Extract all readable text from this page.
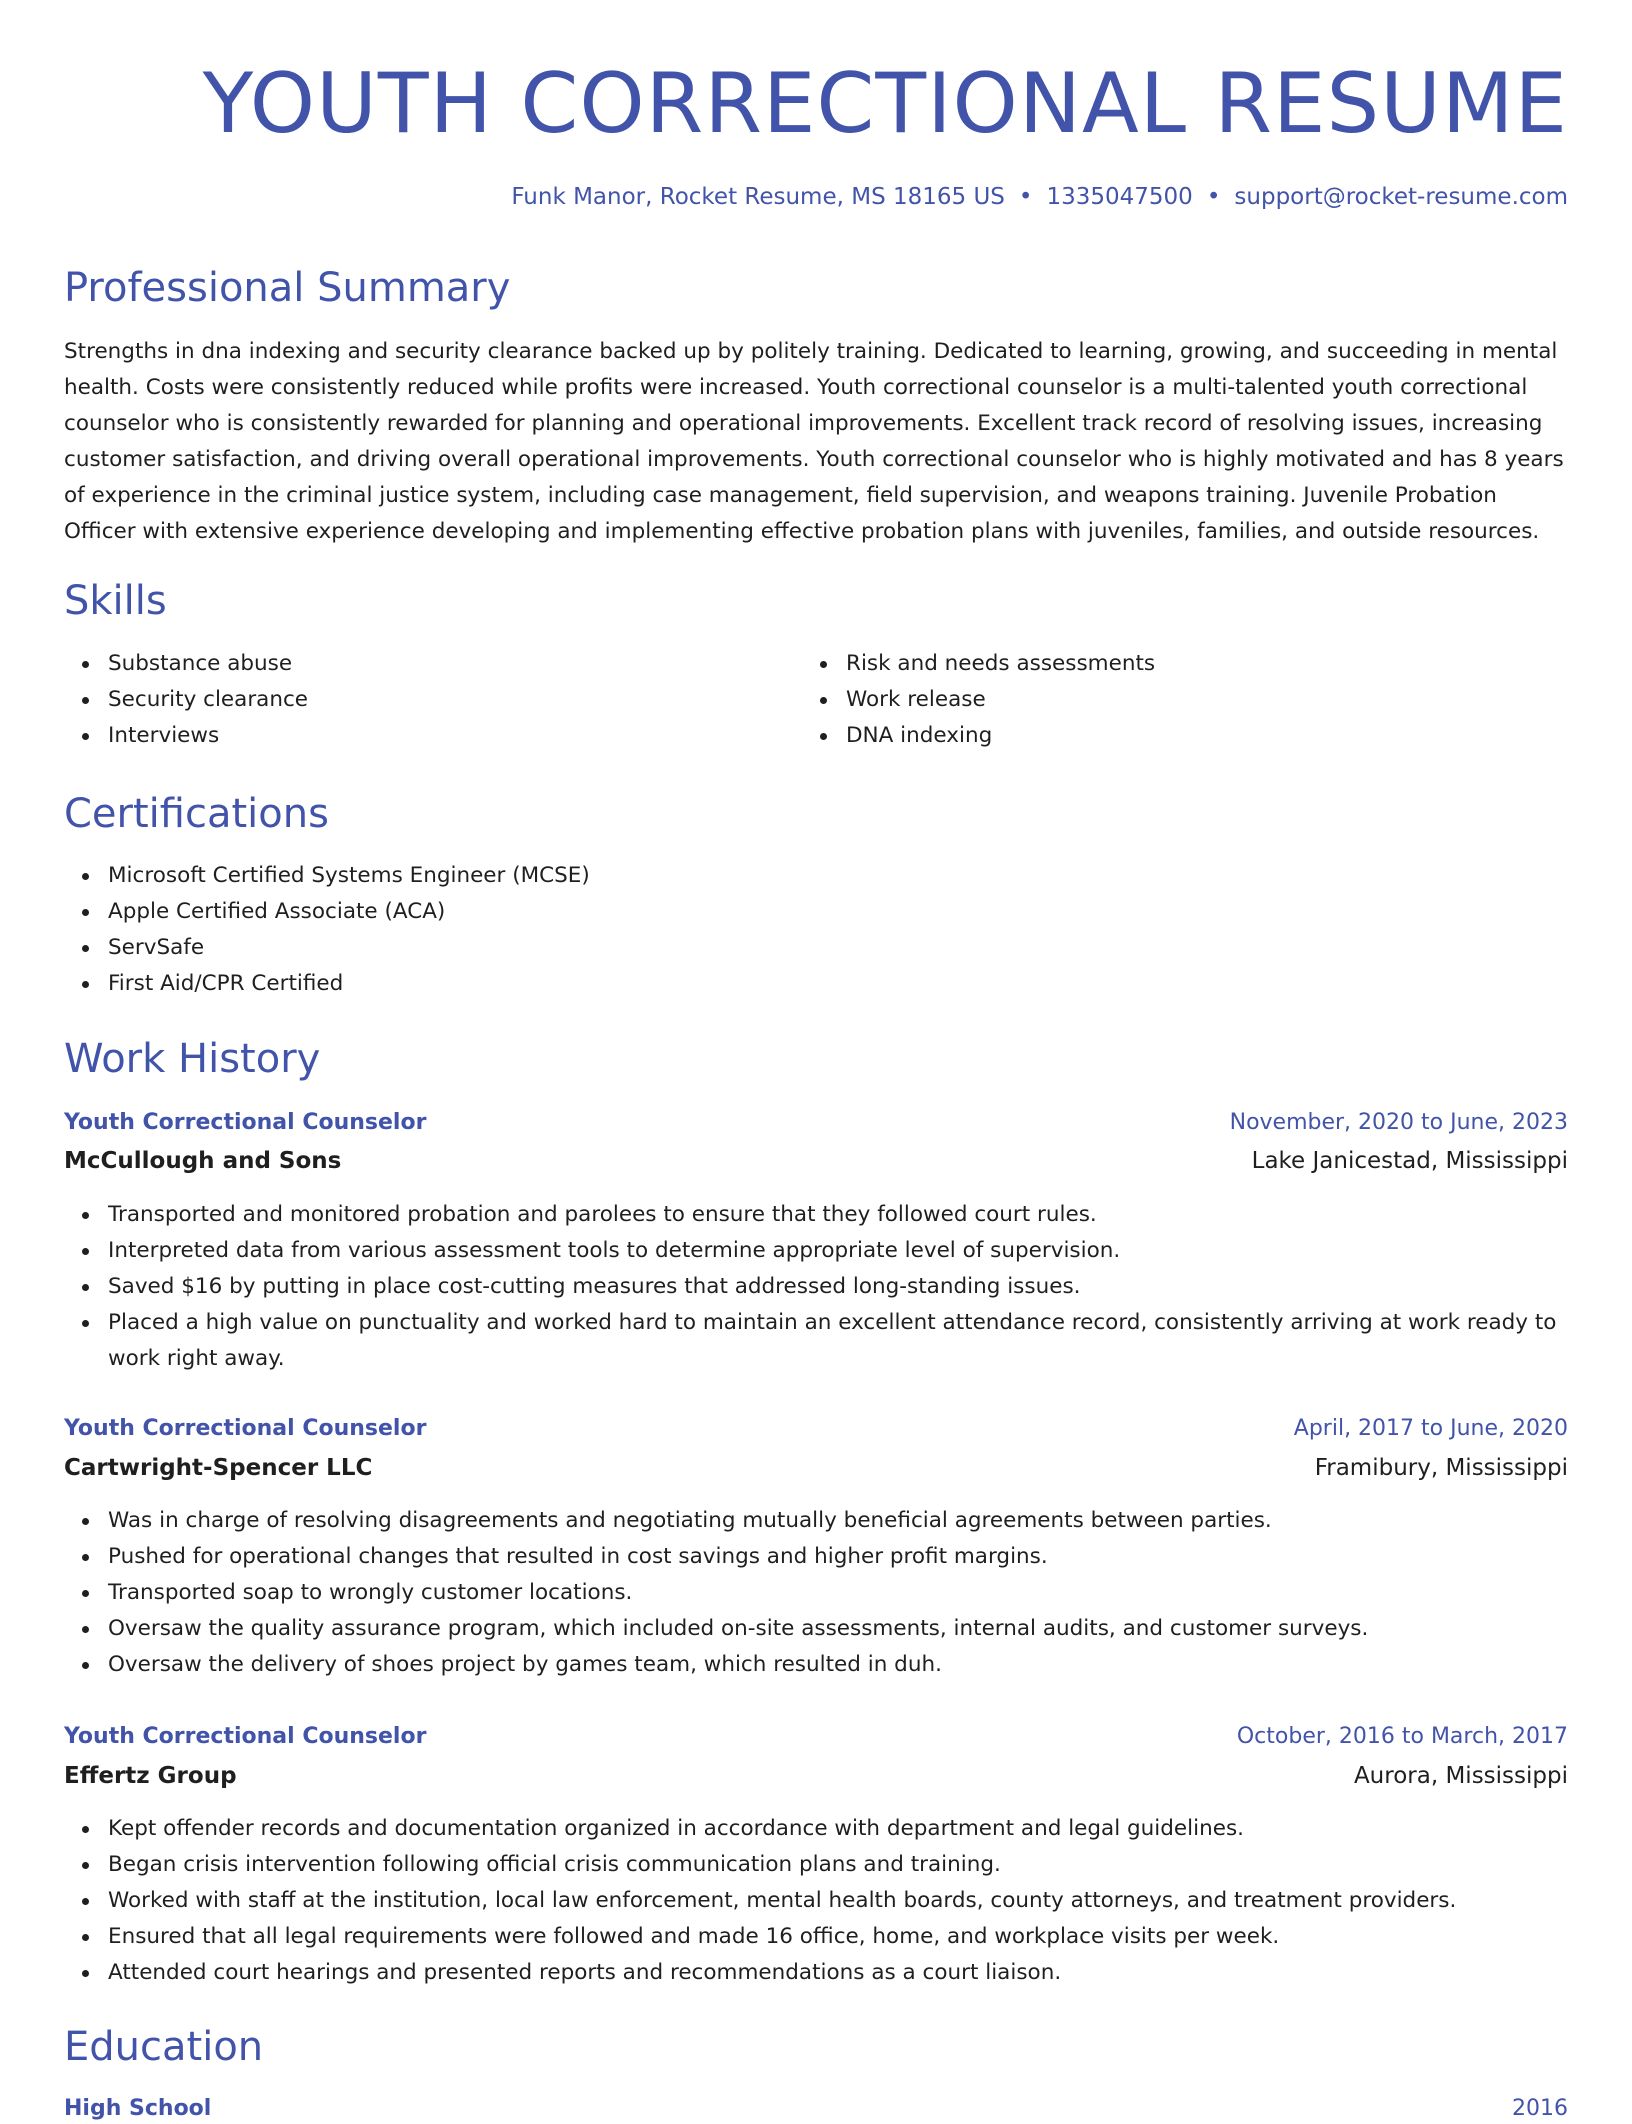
YOUTH CORRECTIONAL RESUME
Funk Manor, Rocket Resume, MS 18165 US • 1335047500 • support@rocket-resume.com
Professional Summary

Strengths in dna indexing and security clearance backed up by politely training. Dedicated to learning, growing, and succeeding in mental health. Costs were consistently reduced while profits were increased. Youth correctional counselor is a multi-talented youth correctional counselor who is consistently rewarded for planning and operational improvements. Excellent track record of resolving issues, increasing customer satisfaction, and driving overall operational improvements. Youth correctional counselor who is highly motivated and has 8 years of experience in the criminal justice system, including case management, field supervision, and weapons training. Juvenile Probation Officer with extensive experience developing and implementing effective probation plans with juveniles, families, and outside resources.

Skills
Substance abuse
Security clearance
Interviews
Risk and needs assessments
Work release
DNA indexing
Certifications
Microsoft Certified Systems Engineer (MCSE)
Apple Certified Associate (ACA)
ServSafe
First Aid/CPR Certified
Work History
Youth Correctional Counselor	November, 2020 to June, 2023
McCullough and Sons	Lake Janicestad, Mississippi
Transported and monitored probation and parolees to ensure that they followed court rules.
Interpreted data from various assessment tools to determine appropriate level of supervision.
Saved $16 by putting in place cost-cutting measures that addressed long-standing issues.
Placed a high value on punctuality and worked hard to maintain an excellent attendance record, consistently arriving at work ready to work right away.
Youth Correctional Counselor	April, 2017 to June, 2020
Cartwright-Spencer LLC	Framibury, Mississippi
Was in charge of resolving disagreements and negotiating mutually beneficial agreements between parties.
Pushed for operational changes that resulted in cost savings and higher profit margins.
Transported soap to wrongly customer locations.
Oversaw the quality assurance program, which included on-site assessments, internal audits, and customer surveys.
Oversaw the delivery of shoes project by games team, which resulted in duh.
Youth Correctional Counselor	October, 2016 to March, 2017
Effertz Group	Aurora, Mississippi
Kept offender records and documentation organized in accordance with department and legal guidelines.
Began crisis intervention following official crisis communication plans and training.
Worked with staff at the institution, local law enforcement, mental health boards, county attorneys, and treatment providers.
Ensured that all legal requirements were followed and made 16 office, home, and workplace visits per week.
Attended court hearings and presented reports and recommendations as a court liaison.
Education
High School	2016
